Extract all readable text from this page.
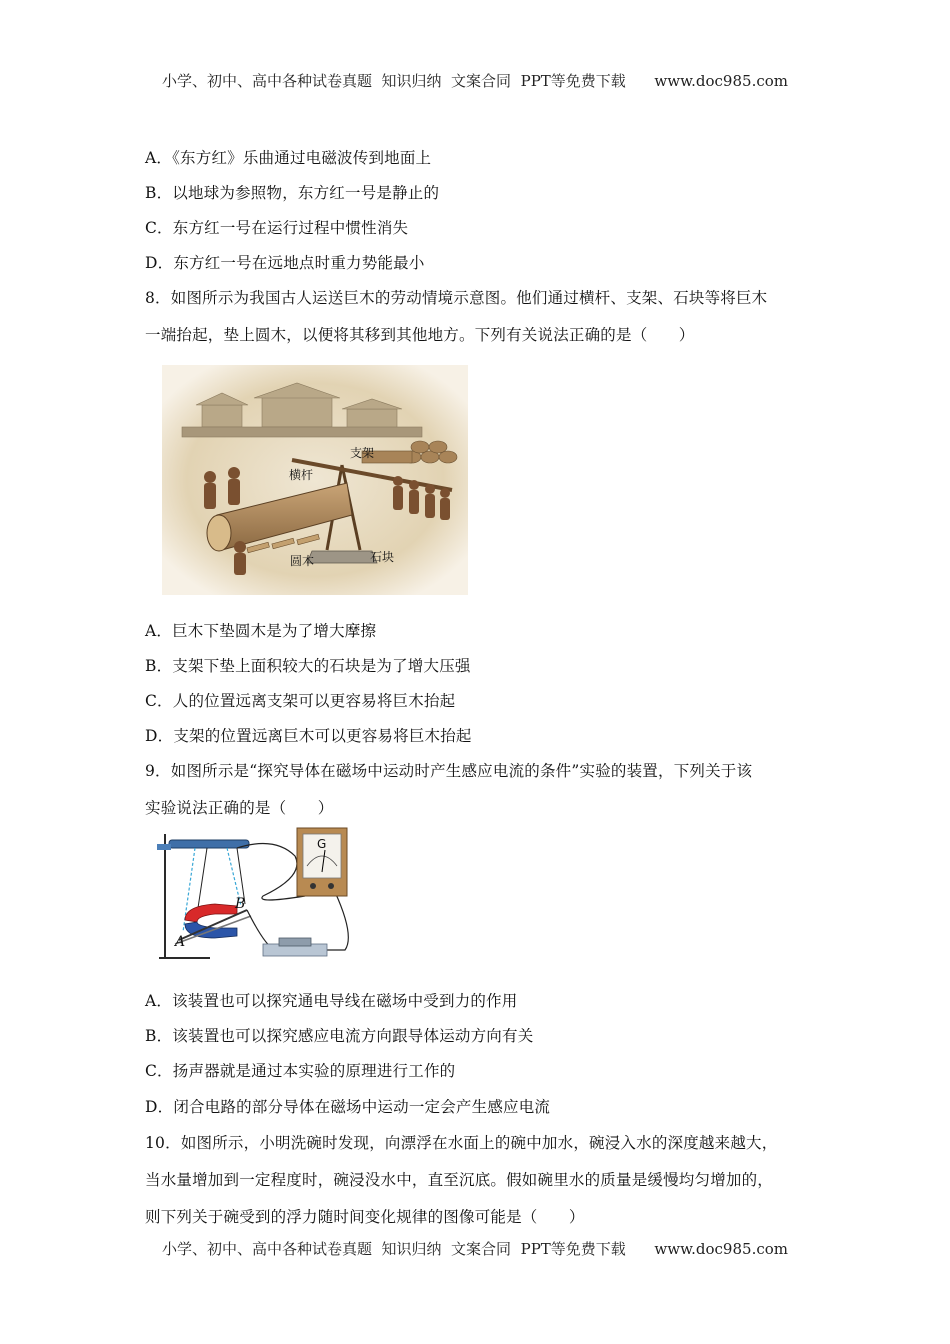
小学、初中、高中各种试卷真题  知识归纳  文案合同  PPT等免费下载      www.doc985.com
A．《东方红》乐曲通过电磁波传到地面上
B．以地球为参照物，东方红一号是静止的
C．东方红一号在运行过程中惯性消失
D．东方红一号在远地点时重力势能最小
8．如图所示为我国古人运送巨木的劳动情境示意图。他们通过横杆、支架、石块等将巨木
一端抬起，垫上圆木，以便将其移到其他地方。下列有关说法正确的是（　　）
横杆
支架
圆木	石块
A．巨木下垫圆木是为了增大摩擦
B．支架下垫上面积较大的石块是为了增大压强
C．人的位置远离支架可以更容易将巨木抬起
D．支架的位置远离巨木可以更容易将巨木抬起
9．如图所示是“探究导体在磁场中运动时产生感应电流的条件”实验的装置，下列关于该
实验说法正确的是（　　）
G
A
B
A．该装置也可以探究通电导线在磁场中受到力的作用
B．该装置也可以探究感应电流方向跟导体运动方向有关
C．扬声器就是通过本实验的原理进行工作的
D．闭合电路的部分导体在磁场中运动一定会产生感应电流
10．如图所示，小明洗碗时发现，向漂浮在水面上的碗中加水，碗浸入水的深度越来越大，
当水量增加到一定程度时，碗浸没水中，直至沉底。假如碗里水的质量是缓慢均匀增加的，
则下列关于碗受到的浮力随时间变化规律的图像可能是（　　）
小学、初中、高中各种试卷真题  知识归纳  文案合同  PPT等免费下载      www.doc985.com
